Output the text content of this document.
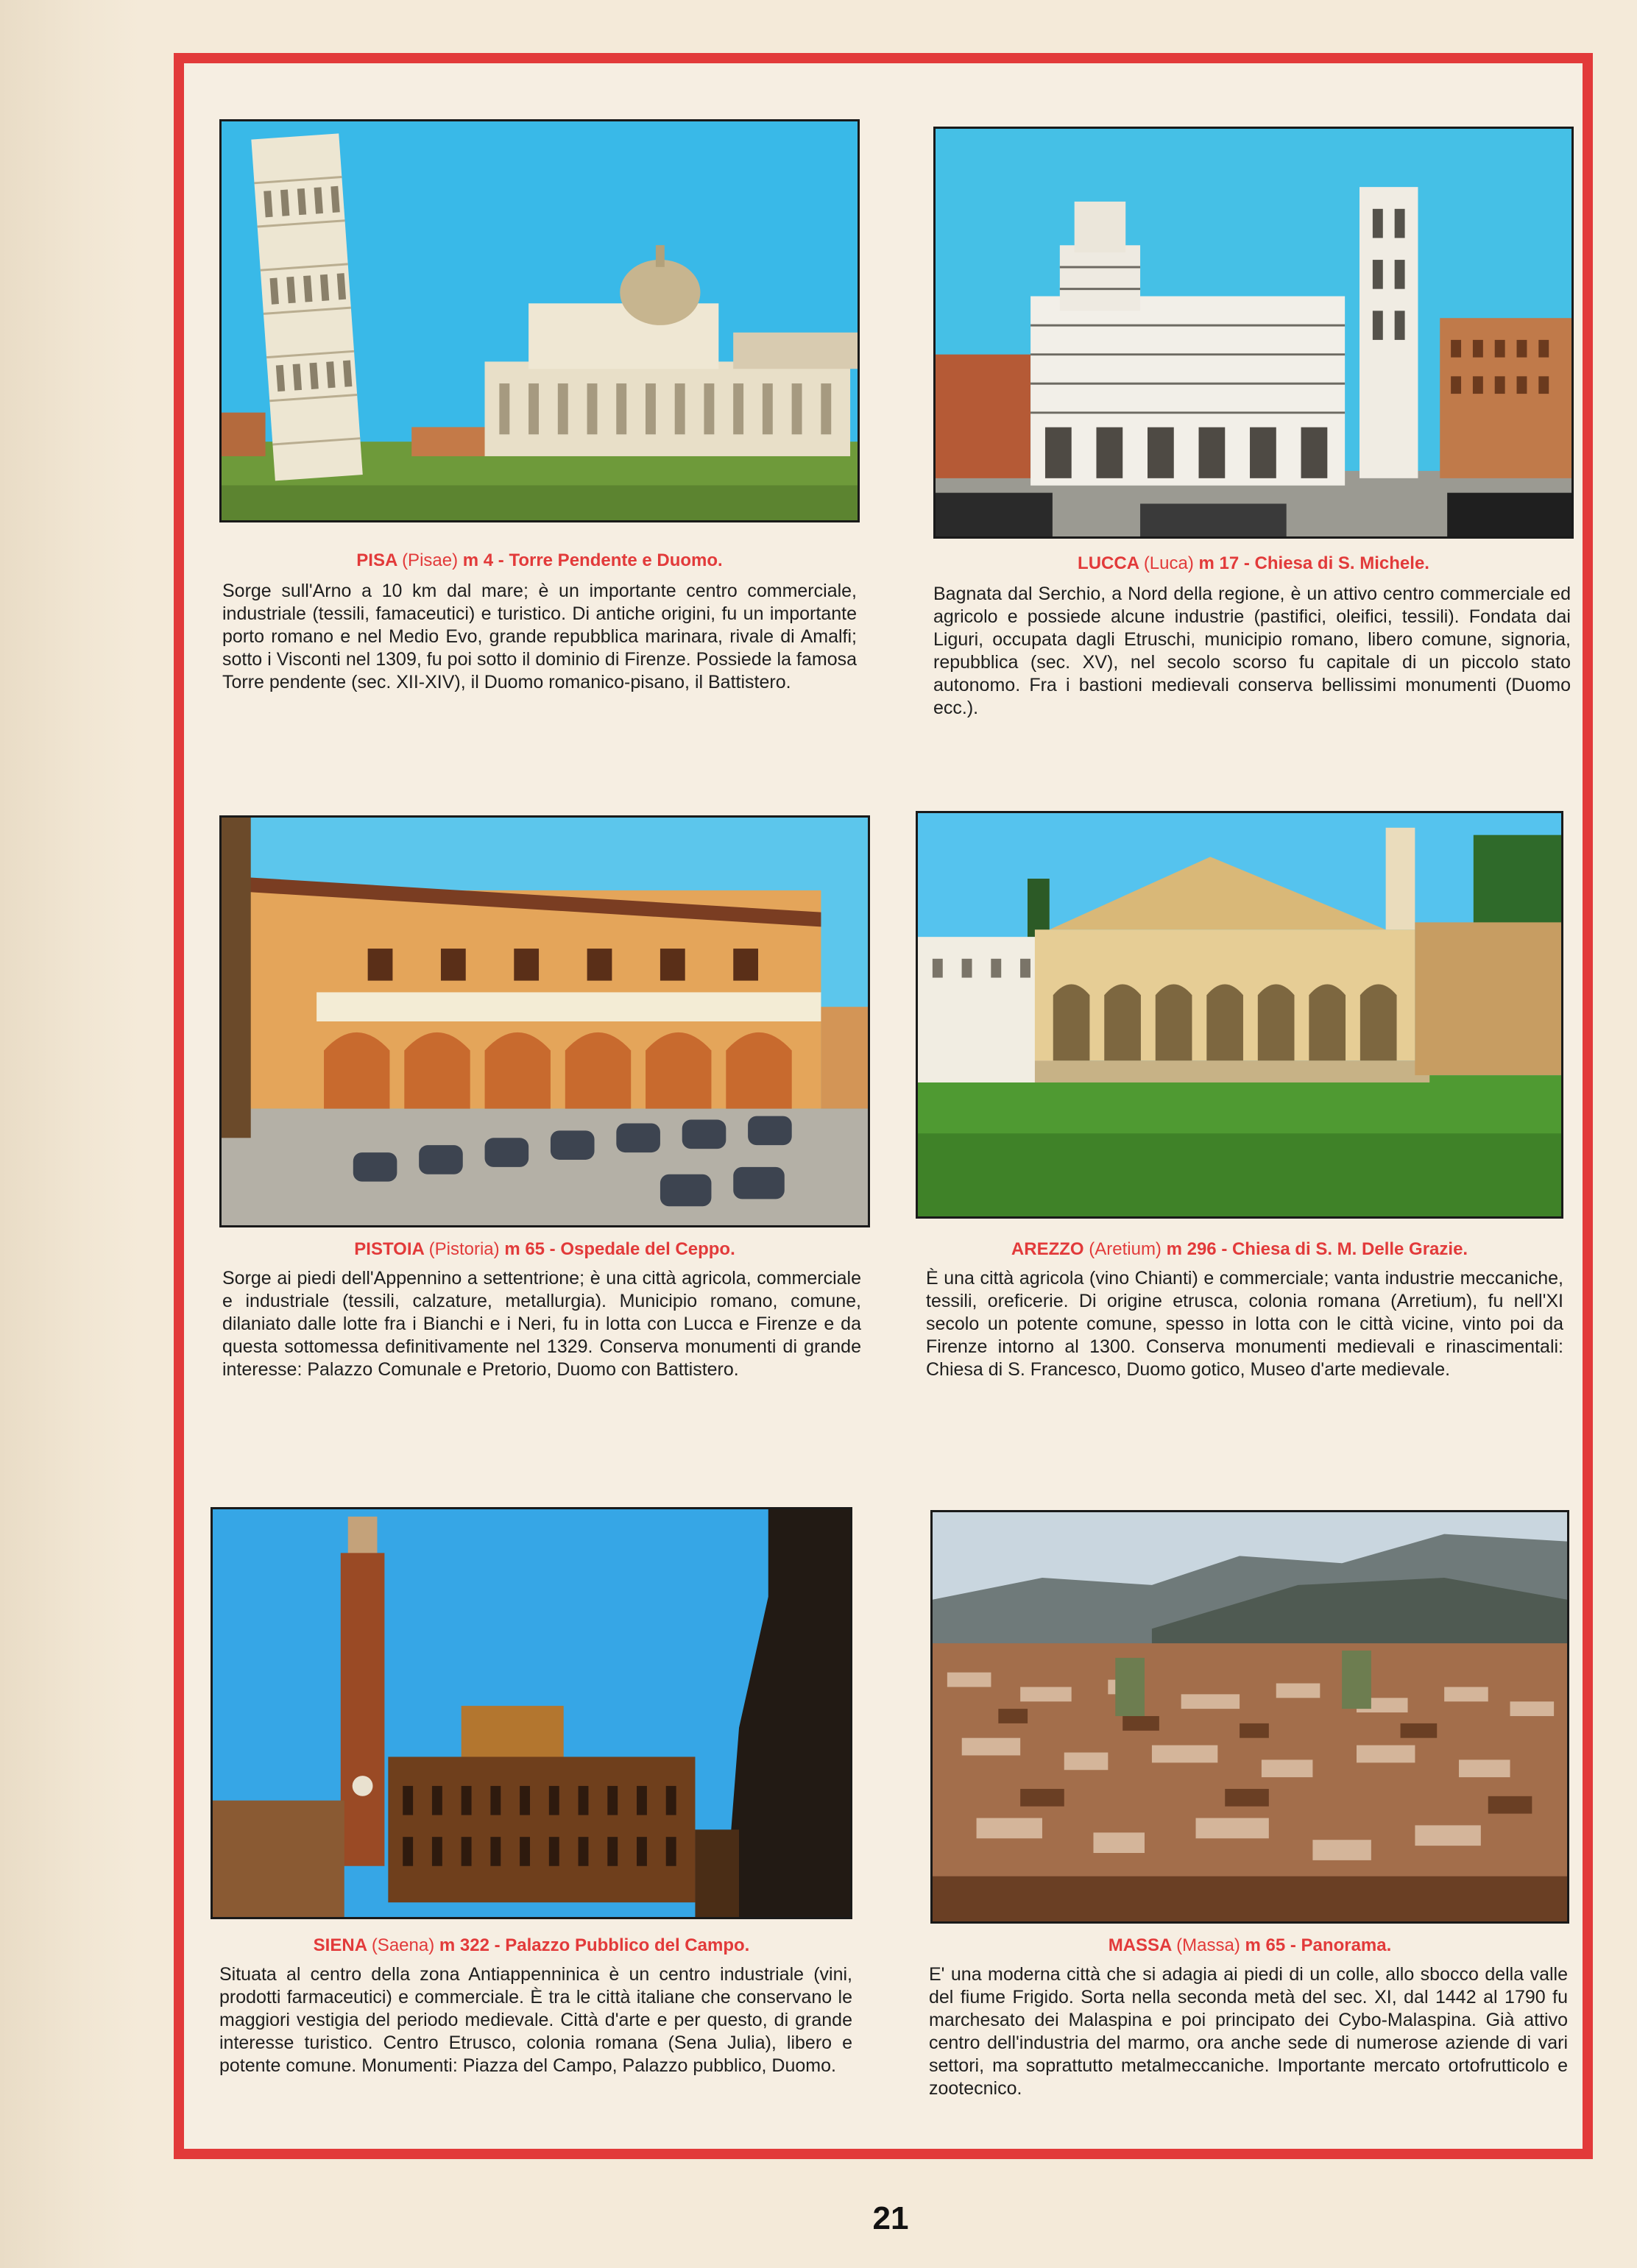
PISA (Pisae) m 4 - Torre Pendente e Duomo.
Sorge sull'Arno a 10 km dal mare; è un importante centro commerciale, industriale (tessili, famaceutici) e turistico. Di antiche origini, fu un importante porto romano e nel Medio Evo, grande repubblica marinara, rivale di Amalfi; sotto i Visconti nel 1309, fu poi sotto il dominio di Firenze. Possiede la famosa Torre pendente (sec. XII-XIV), il Duomo romanico-pisano, il Battistero.
LUCCA (Luca) m 17 - Chiesa di S. Michele.
Bagnata dal Serchio, a Nord della regione, è un attivo centro commerciale ed agricolo e possiede alcune industrie (pastifici, oleifici, tessili). Fondata dai Liguri, occupata dagli Etruschi, municipio romano, libero comune, signoria, repubblica (sec. XV), nel secolo scorso fu capitale di un piccolo stato autonomo. Fra i bastioni medievali conserva bellissimi monumenti (Duomo ecc.).
PISTOIA (Pistoria) m 65 - Ospedale del Ceppo.
Sorge ai piedi dell'Appennino a settentrione; è una città agricola, commerciale e industriale (tessili, calzature, metallurgia). Municipio romano, comune, dilaniato dalle lotte fra i Bianchi e i Neri, fu in lotta con Lucca e Firenze e da questa sottomessa definitivamente nel 1329. Conserva monumenti di grande interesse: Palazzo Comunale e Pretorio, Duomo con Battistero.
AREZZO (Aretium) m 296 - Chiesa di S. M. Delle Grazie.
È una città agricola (vino Chianti) e commerciale; vanta industrie meccaniche, tessili, oreficerie. Di origine etrusca, colonia romana (Arretium), fu nell'XI secolo un potente comune, spesso in lotta con le città vicine, vinto poi da Firenze intorno al 1300. Conserva monumenti medievali e rinascimentali: Chiesa di S. Francesco, Duomo gotico, Museo d'arte medievale.
SIENA (Saena) m 322 - Palazzo Pubblico del Campo.
Situata al centro della zona Antiappenninica è un centro industriale (vini, prodotti farmaceutici) e commerciale. È tra le città italiane che conservano le maggiori vestigia del periodo medievale. Città d'arte e per questo, di grande interesse turistico. Centro Etrusco, colonia romana (Sena Julia), libero e potente comune. Monumenti: Piazza del Campo, Palazzo pubblico, Duomo.
MASSA (Massa) m 65 - Panorama.
E' una moderna città che si adagia ai piedi di un colle, allo sbocco della valle del fiume Frigido. Sorta nella seconda metà del sec. XI, dal 1442 al 1790 fu marchesato dei Malaspina e poi principato dei Cybo-Malaspina. Già attivo centro dell'industria del marmo, ora anche sede di numerose aziende di vari settori, ma soprattutto metalmeccaniche. Importante mercato ortofrutticolo e zootecnico.
21
